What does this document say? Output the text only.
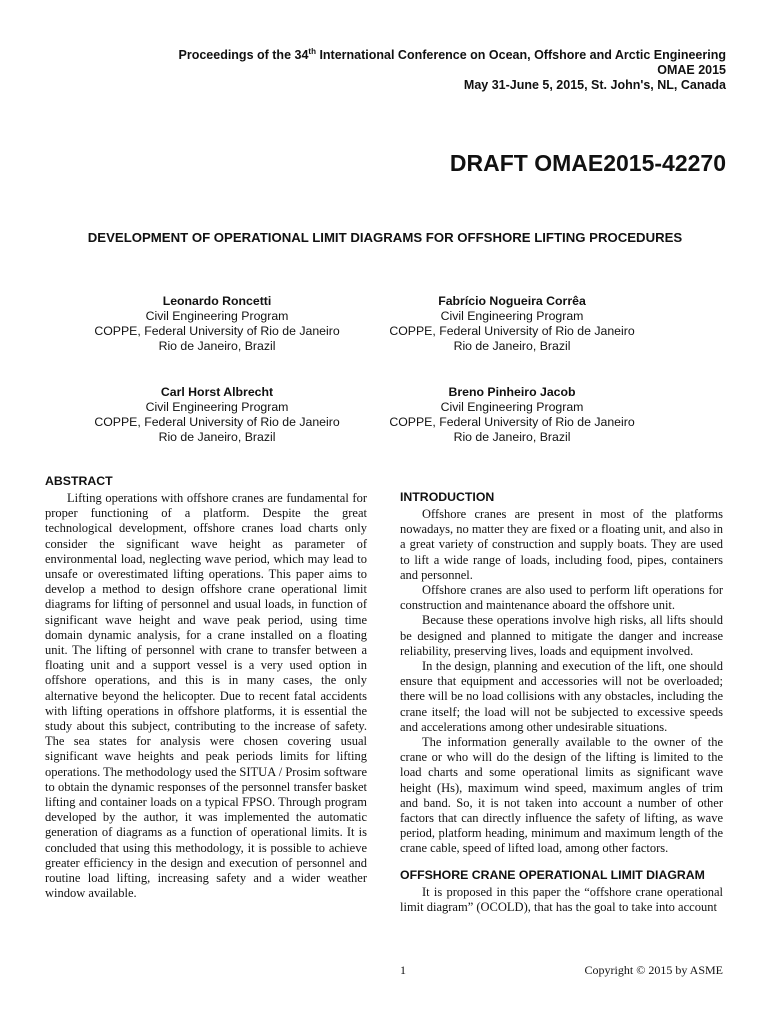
Proceedings of the 34th International Conference on Ocean, Offshore and Arctic Engineering
OMAE 2015
May 31-June 5, 2015, St. John's, NL, Canada
DRAFT OMAE2015-42270
DEVELOPMENT OF OPERATIONAL LIMIT DIAGRAMS FOR OFFSHORE LIFTING PROCEDURES
Leonardo Roncetti
Civil Engineering Program
COPPE, Federal University of Rio de Janeiro
Rio de Janeiro, Brazil
Fabrício Nogueira Corrêa
Civil Engineering Program
COPPE, Federal University of Rio de Janeiro
Rio de Janeiro, Brazil
Carl Horst Albrecht
Civil Engineering Program
COPPE, Federal University of Rio de Janeiro
Rio de Janeiro, Brazil
Breno Pinheiro Jacob
Civil Engineering Program
COPPE, Federal University of Rio de Janeiro
Rio de Janeiro, Brazil
ABSTRACT

Lifting operations with offshore cranes are fundamental for proper functioning of a platform. Despite the great technological development, offshore cranes load charts only consider the significant wave height as parameter of environmental load, neglecting wave period, which may lead to unsafe or overestimated lifting operations. This paper aims to develop a method to design offshore crane operational limit diagrams for lifting of personnel and usual loads, in function of significant wave height and wave peak period, using time domain dynamic analysis, for a crane installed on a floating unit. The lifting of personnel with crane to transfer between a floating unit and a support vessel is a very used option in offshore operations, and this is in many cases, the only alternative beyond the helicopter. Due to recent fatal accidents with lifting operations in offshore platforms, it is essential the study about this subject, contributing to the increase of safety. The sea states for analysis were chosen covering usual significant wave heights and peak periods limits for lifting operations. The methodology used the SITUA / Prosim software to obtain the dynamic responses of the personnel transfer basket lifting and container loads on a typical FPSO. Through program developed by the author, it was implemented the automatic generation of diagrams as a function of operational limits. It is concluded that using this methodology, it is possible to achieve greater efficiency in the design and execution of personnel and routine load lifting, increasing safety and a wider weather window available.

INTRODUCTION

Offshore cranes are present in most of the platforms nowadays, no matter they are fixed or a floating unit, and also in a great variety of construction and supply boats. They are used to lift a wide range of loads, including food, pipes, containers and personnel.

Offshore cranes are also used to perform lift operations for construction and maintenance aboard the offshore unit.

Because these operations involve high risks, all lifts should be designed and planned to mitigate the danger and increase reliability, preserving lives, loads and equipment involved.

In the design, planning and execution of the lift, one should ensure that equipment and accessories will not be overloaded; there will be no load collisions with any obstacles, including the crane itself; the load will not be subjected to excessive speeds and accelerations among other undesirable situations.

The information generally available to the owner of the crane or who will do the design of the lifting is limited to the load charts and some operational limits as significant wave height (Hs), maximum wind speed, maximum angles of trim and band. So, it is not taken into account a number of other factors that can directly influence the safety of lifting, as wave period, platform heading, minimum and maximum length of the crane cable, speed of lifted load, among other factors.

OFFSHORE CRANE OPERATIONAL LIMIT DIAGRAM

It is proposed in this paper the “offshore crane operational limit diagram” (OCOLD), that has the goal to take into account

1	Copyright © 2015 by ASME
